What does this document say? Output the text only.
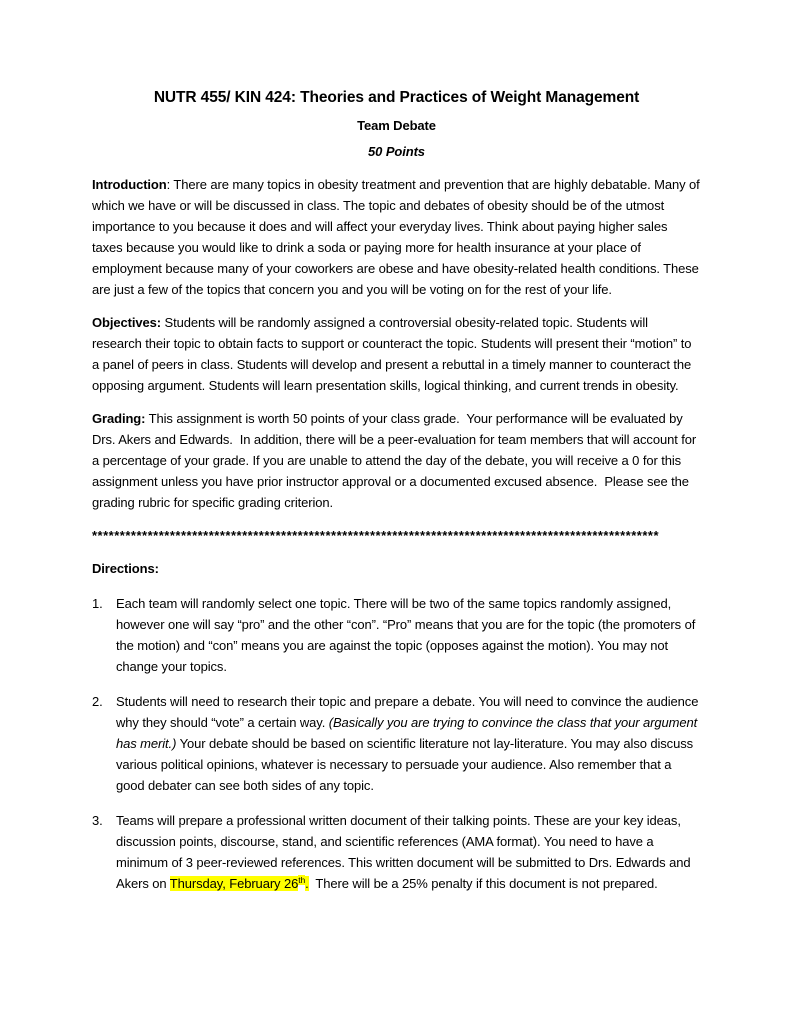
NUTR 455/ KIN 424: Theories and Practices of Weight Management
Team Debate
50 Points

Introduction: There are many topics in obesity treatment and prevention that are highly debatable. Many of which we have or will be discussed in class. The topic and debates of obesity should be of the utmost importance to you because it does and will affect your everyday lives. Think about paying higher sales taxes because you would like to drink a soda or paying more for health insurance at your place of employment because many of your coworkers are obese and have obesity-related health conditions. These are just a few of the topics that concern you and you will be voting on for the rest of your life.

Objectives: Students will be randomly assigned a controversial obesity-related topic. Students will research their topic to obtain facts to support or counteract the topic. Students will present their “motion” to a panel of peers in class. Students will develop and present a rebuttal in a timely manner to counteract the opposing argument. Students will learn presentation skills, logical thinking, and current trends in obesity.

Grading: This assignment is worth 50 points of your class grade.  Your performance will be evaluated by Drs. Akers and Edwards.  In addition, there will be a peer-evaluation for team members that will account for a percentage of your grade. If you are unable to attend the day of the debate, you will receive a 0 for this assignment unless you have prior instructor approval or a documented excused absence.  Please see the grading rubric for specific grading criterion.

******************************************************************************************************

Directions:

1.	Each team will randomly select one topic. There will be two of the same topics randomly assigned, however one will say “pro” and the other “con”. “Pro” means that you are for the topic (the promoters of the motion) and “con” means you are against the topic (opposes against the motion). You may not change your topics.
2.	Students will need to research their topic and prepare a debate. You will need to convince the audience why they should “vote” a certain way. (Basically you are trying to convince the class that your argument has merit.) Your debate should be based on scientific literature not lay-literature. You may also discuss various political opinions, whatever is necessary to persuade your audience. Also remember that a good debater can see both sides of any topic.
3.	Teams will prepare a professional written document of their talking points. These are your key ideas, discussion points, discourse, stand, and scientific references (AMA format). You need to have a minimum of 3 peer-reviewed references. This written document will be submitted to Drs. Edwards and Akers on Thursday, February 26th.  There will be a 25% penalty if this document is not prepared.
